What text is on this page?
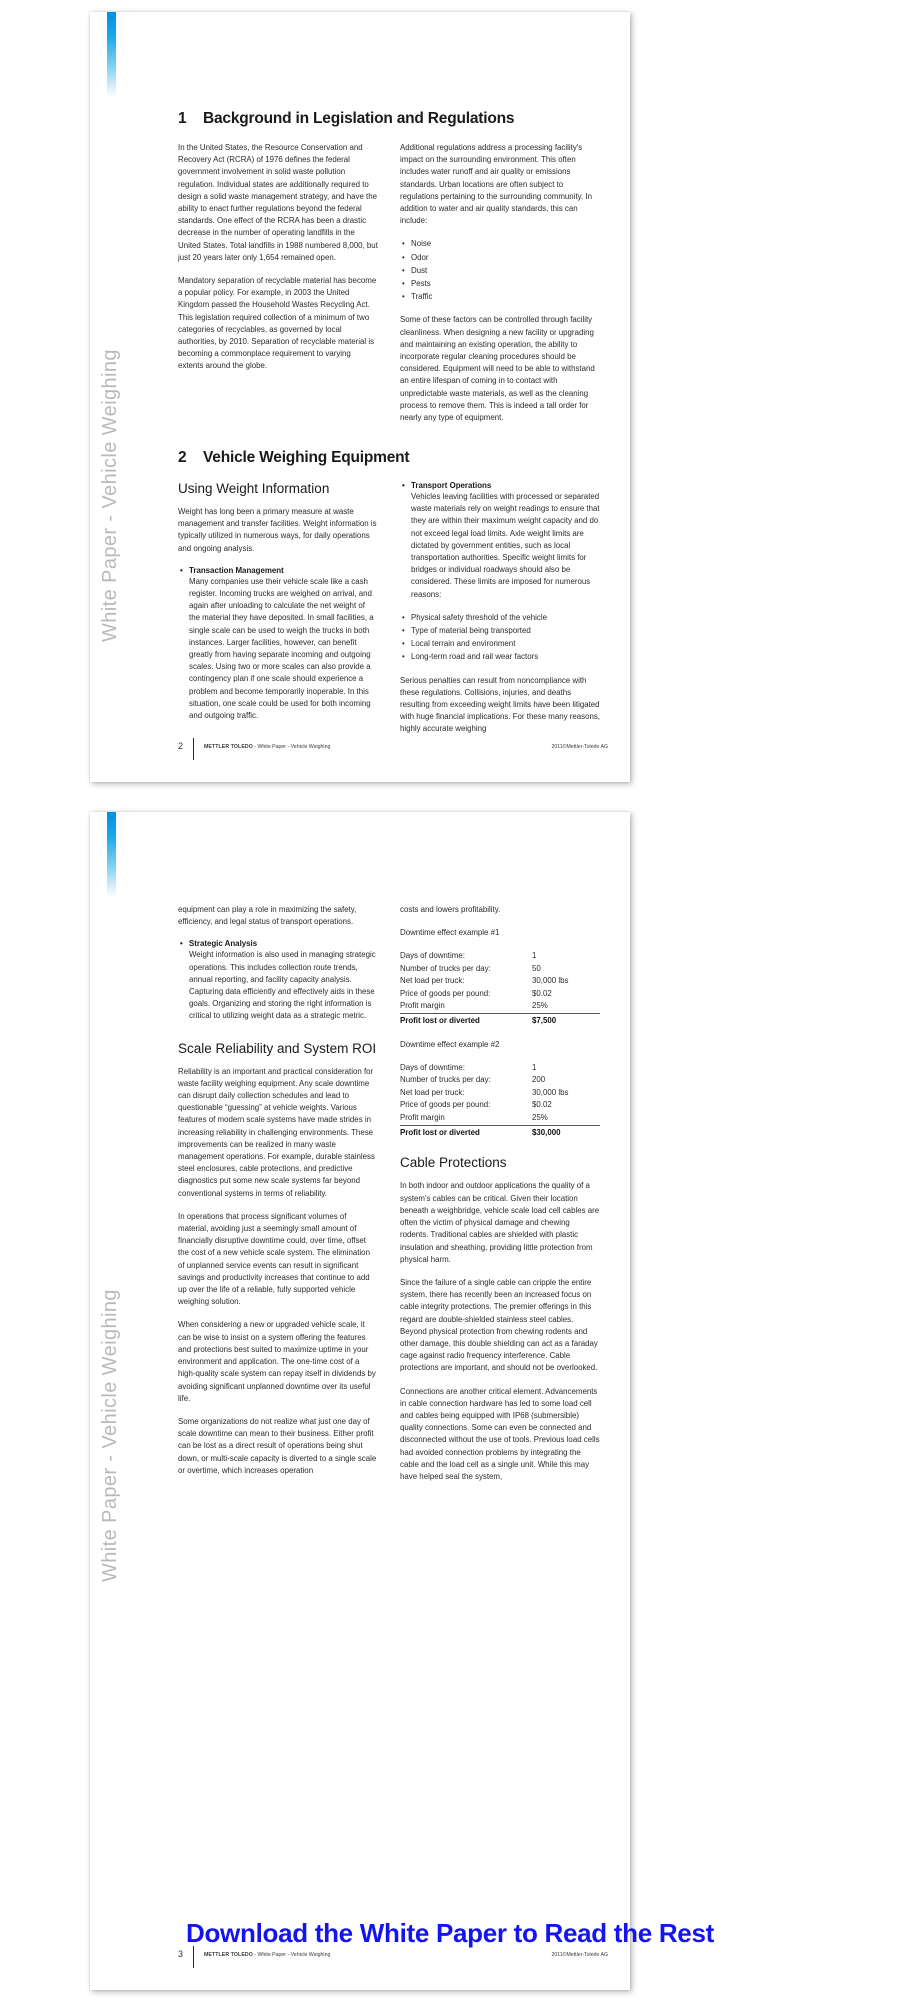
White Paper - Vehicle Weighing
1 Background in Legislation and Regulations

In the United States, the Resource Conservation and Recovery Act (RCRA) of 1976 defines the federal government involvement in solid waste pollution regulation. Individual states are additionally required to design a solid waste management strategy, and have the ability to enact further regulations beyond the federal standards. One effect of the RCRA has been a drastic decrease in the number of operating landfills in the United States. Total landfills in 1988 numbered 8,000, but just 20 years later only 1,654 remained open.

Mandatory separation of recyclable material has become a popular policy. For example, in 2003 the United Kingdom passed the Household Wastes Recycling Act. This legislation required collection of a minimum of two categories of recyclables, as governed by local authorities, by 2010. Separation of recyclable material is becoming a commonplace requirement to varying extents around the globe.

Additional regulations address a processing facility's impact on the surrounding environment. This often includes water runoff and air quality or emissions standards. Urban locations are often subject to regulations pertaining to the surrounding community. In addition to water and air quality standards, this can include:

• Noise
• Odor
• Dust
• Pests
• Traffic

Some of these factors can be controlled through facility cleanliness. When designing a new facility or upgrading and maintaining an existing operation, the ability to incorporate regular cleaning procedures should be considered. Equipment will need to be able to withstand an entire lifespan of coming in to contact with unpredictable waste materials, as well as the cleaning process to remove them. This is indeed a tall order for nearly any type of equipment.

2 Vehicle Weighing Equipment
Using Weight Information

Weight has long been a primary measure at waste management and transfer facilities. Weight information is typically utilized in numerous ways, for daily operations and ongoing analysis.

• Transaction Management

Many companies use their vehicle scale like a cash register. Incoming trucks are weighed on arrival, and again after unloading to calculate the net weight of the material they have deposited. In small facilities, a single scale can be used to weigh the trucks in both instances. Larger facilities, however, can benefit greatly from having separate incoming and outgoing scales. Using two or more scales can also provide a contingency plan if one scale should experience a problem and become temporarily inoperable. In this situation, one scale could be used for both incoming and outgoing traffic.

• Transport Operations

Vehicles leaving facilities with processed or separated waste materials rely on weight readings to ensure that they are within their maximum weight capacity and do not exceed legal load limits. Axle weight limits are dictated by government entities, such as local transportation authorities. Specific weight limits for bridges or individual roadways should also be considered. These limits are imposed for numerous reasons:

• Physical safety threshold of the vehicle
• Type of material being transported
• Local terrain and environment
• Long-term road and rail wear factors

Serious penalties can result from noncompliance with these regulations. Collisions, injuries, and deaths resulting from exceeding weight limits have been litigated with huge financial implications. For these many reasons, highly accurate weighing

2	METTLER TOLEDO - White Paper - Vehicle Weighing	2011©Mettler-Toledo AG
White Paper - Vehicle Weighing

equipment can play a role in maximizing the safety, efficiency, and legal status of transport operations.

• Strategic Analysis

Weight information is also used in managing strategic operations. This includes collection route trends, annual reporting, and facility capacity analysis. Capturing data efficiently and effectively aids in these goals. Organizing and storing the right information is critical to utilizing weight data as a strategic metric.

Scale Reliability and System ROI

Reliability is an important and practical consideration for waste facility weighing equipment. Any scale downtime can disrupt daily collection schedules and lead to questionable “guessing” at vehicle weights. Various features of modern scale systems have made strides in increasing reliability in challenging environments. These improvements can be realized in many waste management operations. For example, durable stainless steel enclosures, cable protections, and predictive diagnostics put some new scale systems far beyond conventional systems in terms of reliability.

In operations that process significant volumes of material, avoiding just a seemingly small amount of financially disruptive downtime could, over time, offset the cost of a new vehicle scale system. The elimination of unplanned service events can result in significant savings and productivity increases that continue to add up over the life of a reliable, fully supported vehicle weighing solution.

When considering a new or upgraded vehicle scale, it can be wise to insist on a system offering the features and protections best suited to maximize uptime in your environment and application. The one-time cost of a high-quality scale system can repay itself in dividends by avoiding significant unplanned downtime over its useful life.

Some organizations do not realize what just one day of scale downtime can mean to their business. Either profit can be lost as a direct result of operations being shut down, or multi-scale capacity is diverted to a single scale or overtime, which increases operation

costs and lowers profitability.

Downtime effect example #1
Days of downtime:	1
Number of trucks per day:	50
Net load per truck:	30,000 lbs
Price of goods per pound:	$0.02
Profit margin	25%
Profit lost or diverted	$7,500
Downtime effect example #2
Days of downtime:	1
Number of trucks per day:	200
Net load per truck:	30,000 lbs
Price of goods per pound:	$0.02
Profit margin	25%
Profit lost or diverted	$30,000
Cable Protections

In both indoor and outdoor applications the quality of a system's cables can be critical. Given their location beneath a weighbridge, vehicle scale load cell cables are often the victim of physical damage and chewing rodents. Traditional cables are shielded with plastic insulation and sheathing, providing little protection from physical harm.

Since the failure of a single cable can cripple the entire system, there has recently been an increased focus on cable integrity protections. The premier offerings in this regard are double-shielded stainless steel cables. Beyond physical protection from chewing rodents and other damage, this double shielding can act as a faraday cage against radio frequency interference. Cable protections are important, and should not be overlooked.

Connections are another critical element. Advancements in cable connection hardware has led to some load cell and cables being equipped with IP68 (submersible) quality connections. Some can even be connected and disconnected without the use of tools. Previous load cells had avoided connection problems by integrating the cable and the load cell as a single unit. While this may have helped seal the system,

3	METTLER TOLEDO - White Paper - Vehicle Weighing	2011©Mettler-Toledo AG
Download the White Paper to Read the Rest
